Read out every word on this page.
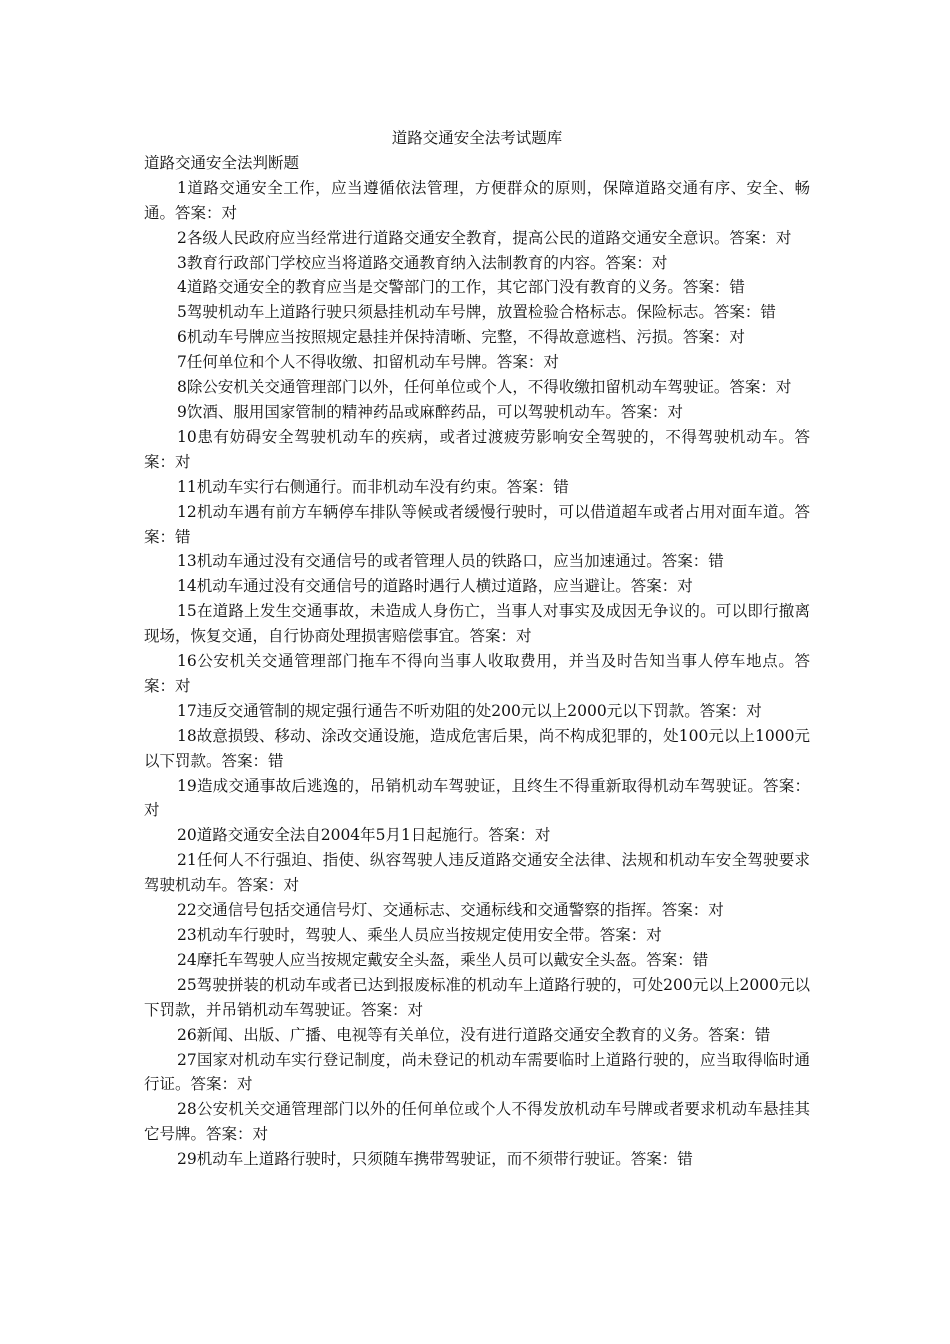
道路交通安全法考试题库

道路交通安全法判断题

1道路交通安全工作，应当遵循依法管理，方便群众的原则，保障道路交通有序、安全、畅通。答案：对

2各级人民政府应当经常进行道路交通安全教育，提高公民的道路交通安全意识。答案：对

3教育行政部门学校应当将道路交通教育纳入法制教育的内容。答案：对

4道路交通安全的教育应当是交警部门的工作，其它部门没有教育的义务。答案：错

5驾驶机动车上道路行驶只须悬挂机动车号牌，放置检验合格标志。保险标志。答案：错

6机动车号牌应当按照规定悬挂并保持清晰、完整，不得故意遮档、污损。答案：对

7任何单位和个人不得收缴、扣留机动车号牌。答案：对

8除公安机关交通管理部门以外，任何单位或个人，不得收缴扣留机动车驾驶证。答案：对

9饮酒、服用国家管制的精神药品或麻醉药品，可以驾驶机动车。答案：对

10患有妨碍安全驾驶机动车的疾病，或者过渡疲劳影响安全驾驶的，不得驾驶机动车。答案：对

11机动车实行右侧通行。而非机动车没有约束。答案：错

12机动车遇有前方车辆停车排队等候或者缓慢行驶时，可以借道超车或者占用对面车道。答案：错

13机动车通过没有交通信号的或者管理人员的铁路口，应当加速通过。答案：错

14机动车通过没有交通信号的道路时遇行人横过道路，应当避让。答案：对

15在道路上发生交通事故，未造成人身伤亡，当事人对事实及成因无争议的。可以即行撤离现场，恢复交通，自行协商处理损害赔偿事宜。答案：对

16公安机关交通管理部门拖车不得向当事人收取费用，并当及时告知当事人停车地点。答案：对

17违反交通管制的规定强行通告不听劝阻的处200元以上2000元以下罚款。答案：对

18故意损毁、移动、涂改交通设施，造成危害后果，尚不构成犯罪的，处100元以上1000元以下罚款。答案：错

19造成交通事故后逃逸的，吊销机动车驾驶证，且终生不得重新取得机动车驾驶证。答案：对

20道路交通安全法自2004年5月1日起施行。答案：对

21任何人不行强迫、指使、纵容驾驶人违反道路交通安全法律、法规和机动车安全驾驶要求驾驶机动车。答案：对

22交通信号包括交通信号灯、交通标志、交通标线和交通警察的指挥。答案：对

23机动车行驶时，驾驶人、乘坐人员应当按规定使用安全带。答案：对

24摩托车驾驶人应当按规定戴安全头盔，乘坐人员可以戴安全头盔。答案：错

25驾驶拼装的机动车或者已达到报废标准的机动车上道路行驶的，可处200元以上2000元以下罚款，并吊销机动车驾驶证。答案：对

26新闻、出版、广播、电视等有关单位，没有进行道路交通安全教育的义务。答案：错

27国家对机动车实行登记制度，尚未登记的机动车需要临时上道路行驶的，应当取得临时通行证。答案：对

28公安机关交通管理部门以外的任何单位或个人不得发放机动车号牌或者要求机动车悬挂其它号牌。答案：对

29机动车上道路行驶时，只须随车携带驾驶证，而不须带行驶证。答案：错
